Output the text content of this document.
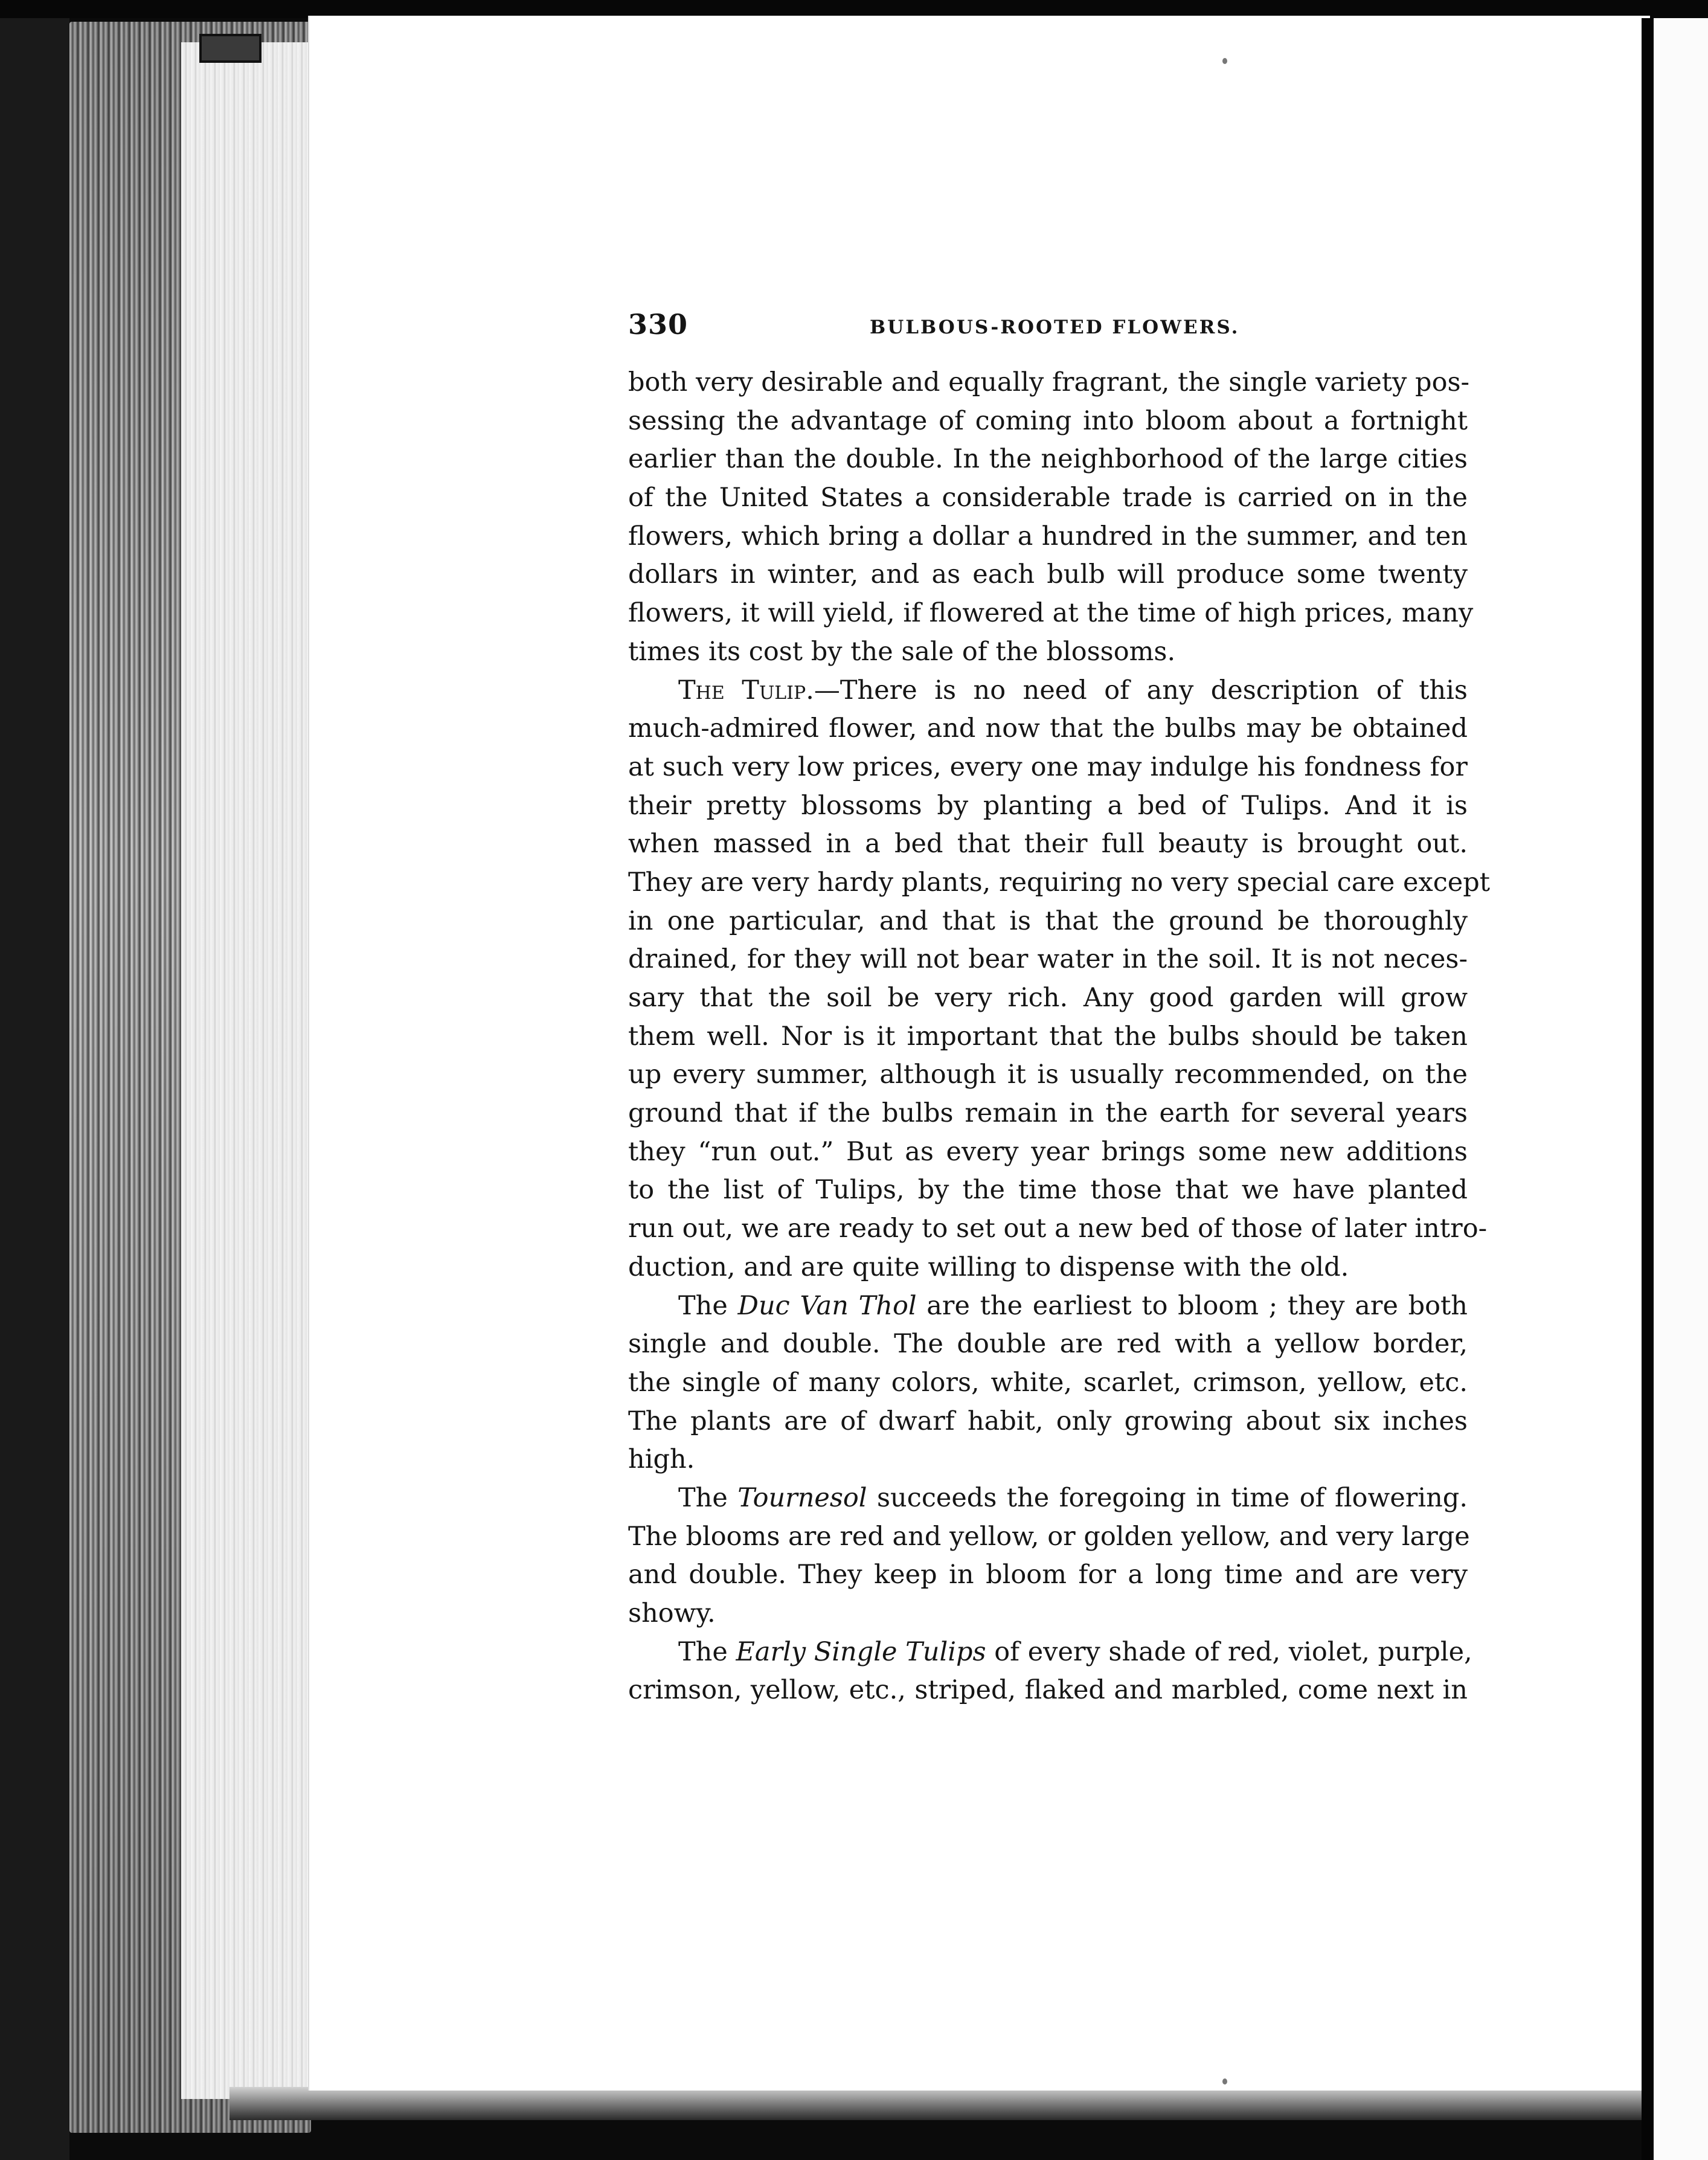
330	BULBOUS-ROOTED FLOWERS.
both very desirable and equally fragrant, the single variety pos-
sessing the advantage of coming into bloom about a fortnight
earlier than the double. In the neighborhood of the large cities
of the United States a considerable trade is carried on in the
flowers, which bring a dollar a hundred in the summer, and ten
dollars in winter, and as each bulb will produce some twenty
flowers, it will yield, if flowered at the time of high prices, many
times its cost by the sale of the blossoms.
The Tulip.—There is no need of any description of this
much-admired flower, and now that the bulbs may be obtained
at such very low prices, every one may indulge his fondness for
their pretty blossoms by planting a bed of Tulips. And it is
when massed in a bed that their full beauty is brought out.
They are very hardy plants, requiring no very special care except
in one particular, and that is that the ground be thoroughly
drained, for they will not bear water in the soil. It is not neces-
sary that the soil be very rich. Any good garden will grow
them well. Nor is it important that the bulbs should be taken
up every summer, although it is usually recommended, on the
ground that if the bulbs remain in the earth for several years
they “run out.” But as every year brings some new additions
to the list of Tulips, by the time those that we have planted
run out, we are ready to set out a new bed of those of later intro-
duction, and are quite willing to dispense with the old.
The Duc Van Thol are the earliest to bloom ; they are both
single and double. The double are red with a yellow border,
the single of many colors, white, scarlet, crimson, yellow, etc.
The plants are of dwarf habit, only growing about six inches
high.
The Tournesol succeeds the foregoing in time of flowering.
The blooms are red and yellow, or golden yellow, and very large
and double. They keep in bloom for a long time and are very
showy.
The Early Single Tulips of every shade of red, violet, purple,
crimson, yellow, etc., striped, flaked and marbled, come next in
